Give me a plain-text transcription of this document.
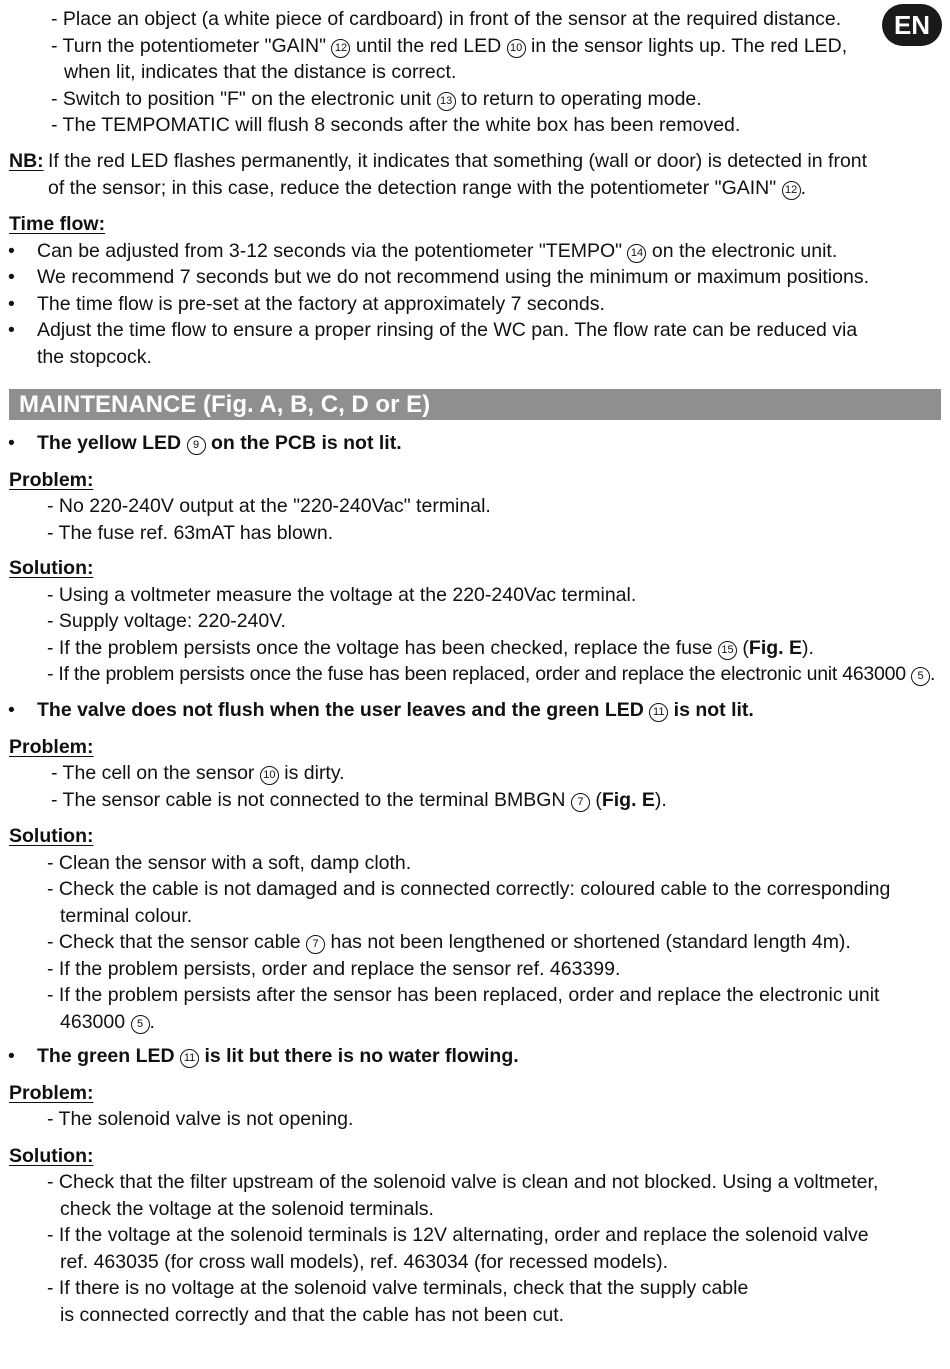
EN
- Place an object (a white piece of cardboard) in front of the sensor at the required distance.
- Turn the potentiometer "GAIN" 12 until the red LED 10 in the sensor lights up. The red LED,
when lit, indicates that the distance is correct.
- Switch to position "F" on the electronic unit 13 to return to operating mode.
- The TEMPOMATIC will flush 8 seconds after the white box has been removed.
NB: If the red LED flashes permanently, it indicates that something (wall or door) is detected in front
of the sensor; in this case, reduce the detection range with the potentiometer "GAIN" 12 .
Time flow:
• Can be adjusted from 3-12 seconds via the potentiometer "TEMPO" 14 on the electronic unit.
• We recommend 7 seconds but we do not recommend using the minimum or maximum positions.
• The time flow is pre-set at the factory at approximately 7 seconds.
• Adjust the time flow to ensure a proper rinsing of the WC pan. The flow rate can be reduced via
the stopcock.
MAINTENANCE (Fig. A, B, C, D or E)
• The yellow LED 9 on the PCB is not lit.
Problem:
- No 220-240V output at the "220-240Vac" terminal.
- The fuse ref. 63mAT has blown.
Solution:
- Using a voltmeter measure the voltage at the 220-240Vac terminal.
- Supply voltage: 220-240V.
- If the problem persists once the voltage has been checked, replace the fuse 15 (Fig. E).
- If the problem persists once the fuse has been replaced, order and replace the electronic unit 463000 5 .
• The valve does not flush when the user leaves and the green LED 11 is not lit.
Problem:
- The cell on the sensor 10 is dirty.
- The sensor cable is not connected to the terminal BMBGN 7 (Fig. E).
Solution:
- Clean the sensor with a soft, damp cloth.
- Check the cable is not damaged and is connected correctly: coloured cable to the corresponding
terminal colour.
- Check that the sensor cable 7 has not been lengthened or shortened (standard length 4m).
- If the problem persists, order and replace the sensor ref. 463399.
- If the problem persists after the sensor has been replaced, order and replace the electronic unit
463000 5 .
• The green LED 11 is lit but there is no water flowing.
Problem:
- The solenoid valve is not opening.
Solution:
- Check that the filter upstream of the solenoid valve is clean and not blocked. Using a voltmeter,
check the voltage at the solenoid terminals.
- If the voltage at the solenoid terminals is 12V alternating, order and replace the solenoid valve
ref. 463035 (for cross wall models), ref. 463034 (for recessed models).
- If there is no voltage at the solenoid valve terminals, check that the supply cable
is connected correctly and that the cable has not been cut.
